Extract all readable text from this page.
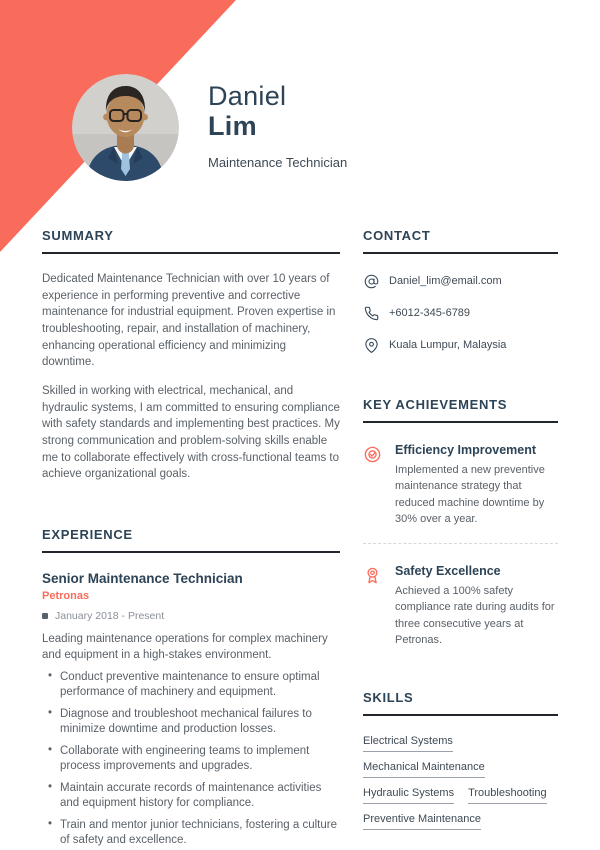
Daniel
Lim
Maintenance Technician
SUMMARY

Dedicated Maintenance Technician with over 10 years of experience in performing preventive and corrective maintenance for industrial equipment. Proven expertise in troubleshooting, repair, and installation of machinery, enhancing operational efficiency and minimizing downtime.

Skilled in working with electrical, mechanical, and hydraulic systems, I am committed to ensuring compliance with safety standards and implementing best practices. My strong communication and problem-solving skills enable me to collaborate effectively with cross-functional teams to achieve organizational goals.

EXPERIENCE
Senior Maintenance Technician
Petronas
January 2018 - Present

Leading maintenance operations for complex machinery and equipment in a high-stakes environment.

• Conduct preventive maintenance to ensure optimal performance of machinery and equipment.
• Diagnose and troubleshoot mechanical failures to minimize downtime and production losses.
• Collaborate with engineering teams to implement process improvements and upgrades.
• Maintain accurate records of maintenance activities and equipment history for compliance.
• Train and mentor junior technicians, fostering a culture of safety and excellence.
CONTACT
Daniel_lim@email.com
+6012-345-6789
Kuala Lumpur, Malaysia
KEY ACHIEVEMENTS
Efficiency Improvement

Implemented a new preventive maintenance strategy that reduced machine downtime by 30% over a year.

Safety Excellence

Achieved a 100% safety compliance rate during audits for three consecutive years at Petronas.

SKILLS
Electrical Systems
Mechanical Maintenance
Hydraulic Systems Troubleshooting
Preventive Maintenance
